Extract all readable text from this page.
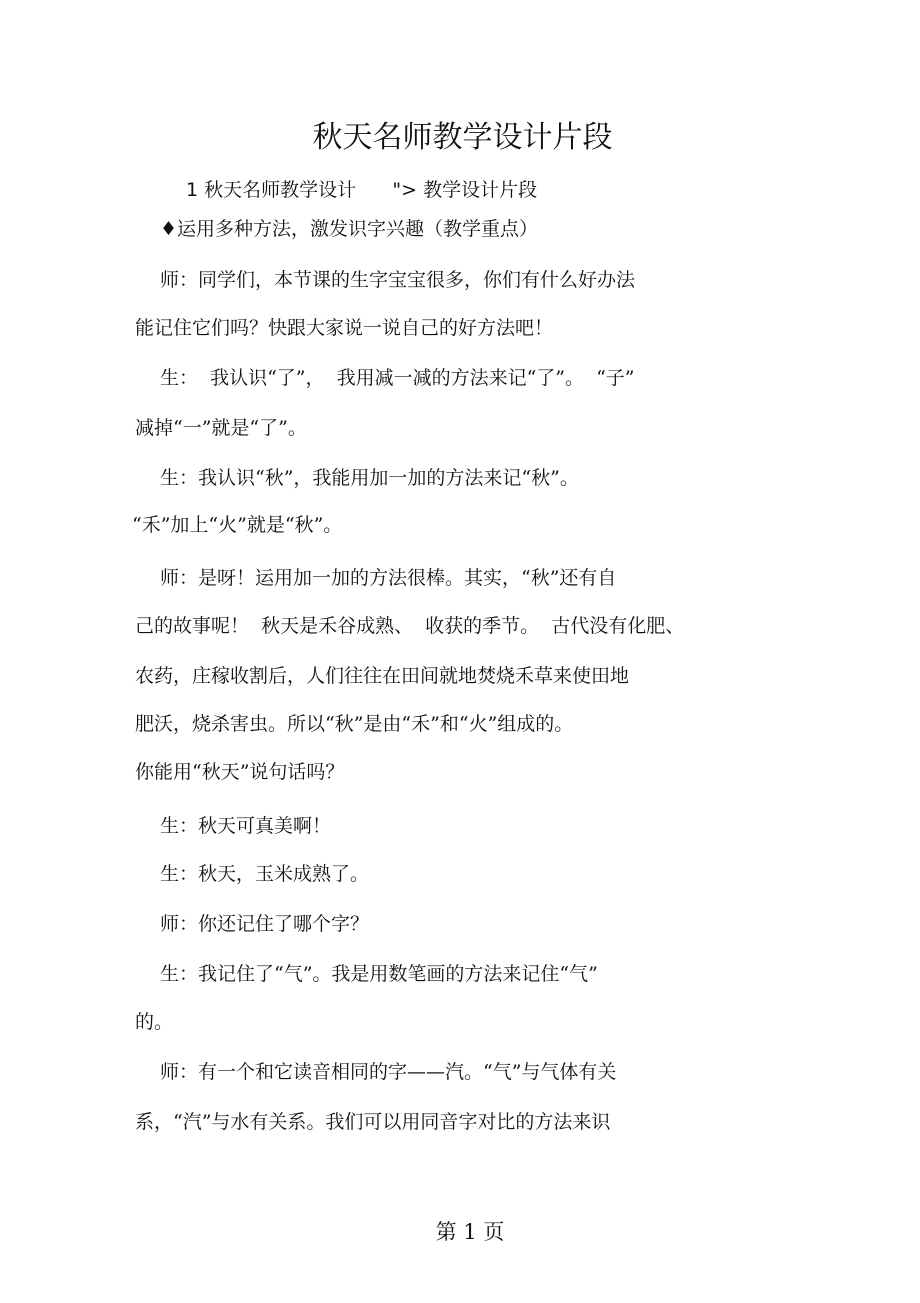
秋天名师教学设计片段
1 秋天名师教学设计      "> 教学设计片段
♦运用多种方法，激发识字兴趣（教学重点）
师：同学们，本节课的生字宝宝很多，你们有什么好办法
能记住它们吗？快跟大家说一说自己的好方法吧！
生：  我认识“了”，  我用减一减的方法来记“了”。  “子”
减掉“一”就是“了”。
生：我认识“秋”，我能用加一加的方法来记“秋”。
“禾”加上“火”就是“秋”。
师：是呀！运用加一加的方法很棒。其实，“秋”还有自
己的故事呢！  秋天是禾谷成熟、  收获的季节。  古代没有化肥、
农药，庄稼收割后，人们往往在田间就地焚烧禾草来使田地
肥沃，烧杀害虫。所以“秋”是由“禾”和“火”组成的。
你能用“秋天”说句话吗？
生：秋天可真美啊！
生：秋天，玉米成熟了。
师：你还记住了哪个字？
生：我记住了“气”。我是用数笔画的方法来记住“气”
的。
师：有一个和它读音相同的字——汽。“气”与气体有关
系，“汽”与水有关系。我们可以用同音字对比的方法来识
第 1 页
